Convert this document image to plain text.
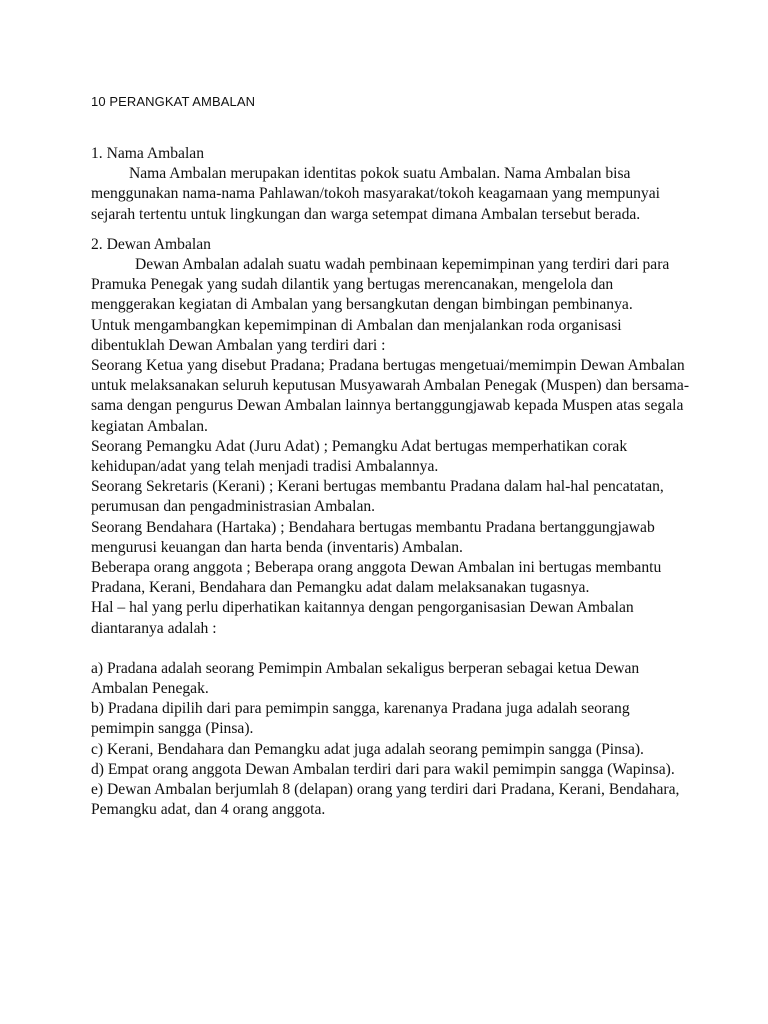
10 PERANGKAT AMBALAN

1. Nama Ambalan

Nama Ambalan merupakan identitas pokok suatu Ambalan. Nama Ambalan bisa menggunakan nama-nama Pahlawan/tokoh masyarakat/tokoh keagamaan yang mempunyai sejarah tertentu untuk lingkungan dan warga setempat dimana Ambalan tersebut berada.

2. Dewan Ambalan

Dewan Ambalan adalah suatu wadah pembinaan kepemimpinan yang terdiri dari para Pramuka Penegak yang sudah dilantik yang bertugas merencanakan, mengelola dan menggerakan kegiatan di Ambalan yang bersangkutan dengan bimbingan pembinanya.

Untuk mengambangkan kepemimpinan di Ambalan dan menjalankan roda organisasi dibentuklah Dewan Ambalan yang terdiri dari :

Seorang Ketua yang disebut Pradana; Pradana bertugas mengetuai/memimpin Dewan Ambalan untuk melaksanakan seluruh keputusan Musyawarah Ambalan Penegak (Muspen) dan bersama-sama dengan pengurus Dewan Ambalan lainnya bertanggungjawab kepada Muspen atas segala kegiatan Ambalan.

Seorang Pemangku Adat (Juru Adat) ; Pemangku Adat bertugas memperhatikan corak kehidupan/adat yang telah menjadi tradisi Ambalannya.

Seorang Sekretaris (Kerani) ; Kerani bertugas membantu Pradana dalam hal-hal pencatatan, perumusan dan pengadministrasian Ambalan.

Seorang Bendahara (Hartaka) ; Bendahara bertugas membantu Pradana bertanggungjawab mengurusi keuangan dan harta benda (inventaris) Ambalan.

Beberapa orang anggota ; Beberapa orang anggota Dewan Ambalan ini bertugas membantu Pradana, Kerani, Bendahara dan Pemangku adat dalam melaksanakan tugasnya.

Hal – hal yang perlu diperhatikan kaitannya dengan pengorganisasian Dewan Ambalan diantaranya adalah :

a) Pradana adalah seorang Pemimpin Ambalan sekaligus berperan sebagai ketua Dewan Ambalan Penegak.

b) Pradana dipilih dari para pemimpin sangga, karenanya Pradana juga adalah seorang pemimpin sangga (Pinsa).

c) Kerani, Bendahara dan Pemangku adat juga adalah seorang pemimpin sangga (Pinsa).

d) Empat orang anggota Dewan Ambalan terdiri dari para wakil pemimpin sangga (Wapinsa).

e) Dewan Ambalan berjumlah 8 (delapan) orang yang terdiri dari Pradana, Kerani, Bendahara, Pemangku adat, dan 4 orang anggota.
